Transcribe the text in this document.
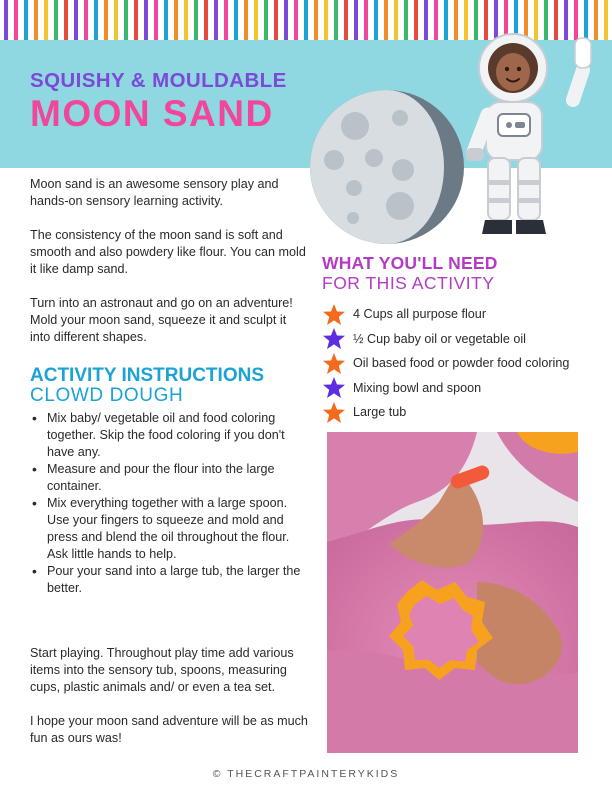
SQUISHY & MOULDABLE
MOON SAND

Moon sand is an awesome sensory play and hands-on sensory learning activity.

The consistency of the moon sand is soft and smooth and also powdery like flour. You can mold it like damp sand.

Turn into an astronaut and go on an adventure! Mold your moon sand, squeeze it and sculpt it into different shapes.

ACTIVITY INSTRUCTIONS
CLOWD DOUGH
• Mix baby/ vegetable oil and food coloring together. Skip the food coloring if you don't have any.
• Measure and pour the flour into the large container.
• Mix everything together with a large spoon. Use your fingers to squeeze and mold and press and blend the oil throughout the flour. Ask little hands to help.
• Pour your sand into a large tub, the larger the better.

Start playing. Throughout play time add various items into the sensory tub, spoons, measuring cups, plastic animals and/ or even a tea set.

I hope your moon sand adventure will be as much fun as ours was!

WHAT YOU'LL NEED
FOR THIS ACTIVITY
4 Cups all purpose flour
½ Cup baby oil or vegetable oil
Oil based food or powder food coloring
Mixing bowl and spoon
Large tub
© THECRAFTPAINTERYKIDS
